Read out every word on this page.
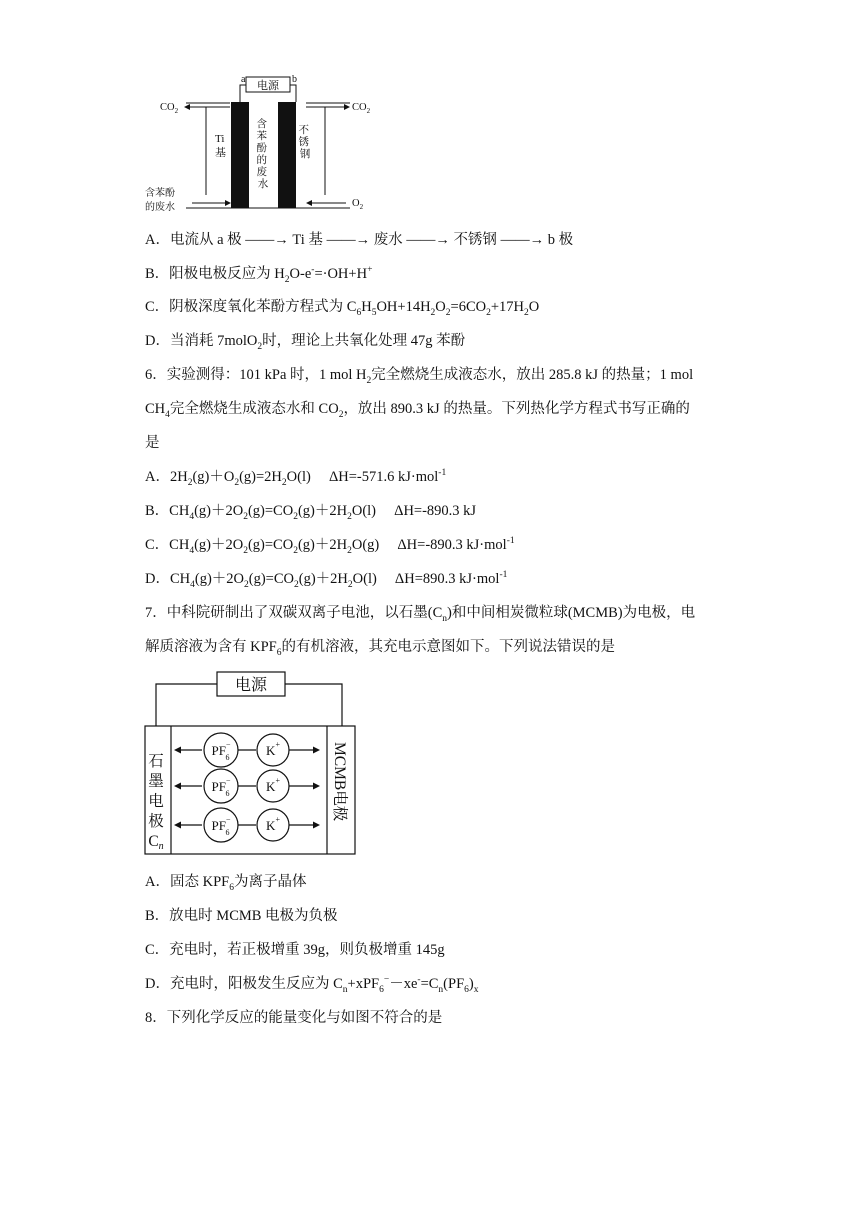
电源
a	b
$CO_2$	$CO_2$
Ti
基
含 苯 酚 的 废 水
不 锈 钢
含苯酚
的废水	$O_2$
A．电流从 a 极 ——→ Ti 基 ——→ 废水 ——→ 不锈钢 ——→ b 极
B．阳极电极反应为 $H_2O-e^-=\cdot OH+H^+$
C．阴极深度氧化苯酚方程式为 $C_6H_5OH+14H_2O_2=6CO_2+17H_2O$
D．当消耗 7molO$_2$时，理论上共氧化处理 47g 苯酚
6．实验测得：101 kPa 时，1 mol $H_2$完全燃烧生成液态水，放出 285.8 kJ 的热量；1 mol
$CH_4$完全燃烧生成液态水和 $CO_2$，放出 890.3 kJ 的热量。下列热化学方程式书写正确的
是
A．$2H_2(g)+O_2(g)=2H_2O(l)$　 ΔH=-571.6 kJ·mol$^{-1}$
B．$CH_4(g)+2O_2(g)=CO_2(g)+2H_2O(l)$　 ΔH=-890.3 kJ
C．$CH_4(g)+2O_2(g)=CO_2(g)+2H_2O(g)$　 ΔH=-890.3 kJ·mol$^{-1}$
D．$CH_4(g)+2O_2(g)=CO_2(g)+2H_2O(l)$　 ΔH=890.3 kJ·mol$^{-1}$
7．中科院研制出了双碳双离子电池，以石墨$(C_n)$和中间相炭微粒球(MCMB)为电极，电
解质溶液为含有 $KPF_6$的有机溶液，其充电示意图如下。下列说法错误的是
电源
石 墨 电 极 Cn
MCMB电极
PF− 6	K+
PF− 6	K+
PF− 6	K+
A．固态 $KPF_6$为离子晶体
B．放电时 MCMB 电极为负极
C．充电时，若正极增重 39g，则负极增重 145g
D．充电时，阳极发生反应为 $C_n+xPF_6^--xe^-=C_n(PF_6)_x$
8．下列化学反应的能量变化与如图不符合的是
